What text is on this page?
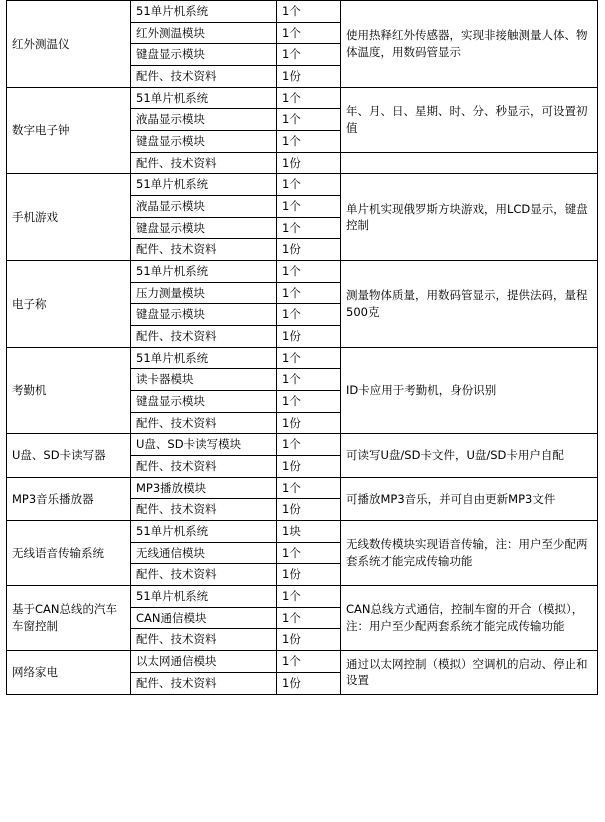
红外测温仪	51单片机系统	1个	使用热释红外传感器，实现非接触测量人体、物体温度，用数码管显示
	红外测温模块	1个	
	键盘显示模块	1个	
	配件、技术资料	1份	
数字电子钟	51单片机系统	1个	年、月、日、星期、时、分、秒显示，可设置初值
	液晶显示模块	1个	
	键盘显示模块	1个	
	配件、技术资料	1份	
手机游戏	51单片机系统	1个	单片机实现俄罗斯方块游戏，用LCD显示，键盘控制
	液晶显示模块	1个	
	键盘显示模块	1个	
	配件、技术资料	1份	
电子称	51单片机系统	1个	测量物体质量，用数码管显示，提供法码，量程500克
	压力测量模块	1个	
	键盘显示模块	1个	
	配件、技术资料	1份	
考勤机	51单片机系统	1个	ID卡应用于考勤机，身份识别
	读卡器模块	1个	
	键盘显示模块	1个	
	配件、技术资料	1份	
U盘、SD卡读写器	U盘、SD卡读写模块	1个	可读写U盘/SD卡文件，U盘/SD卡用户自配
	配件、技术资料	1份	
MP3音乐播放器	MP3播放模块	1个	可播放MP3音乐，并可自由更新MP3文件
	配件、技术资料	1份	
无线语音传输系统	51单片机系统	1块	无线数传模块实现语音传输，注：用户至少配两套系统才能完成传输功能
	无线通信模块	1个	
	配件、技术资料	1份	
基于CAN总线的汽车车窗控制	51单片机系统	1个	CAN总线方式通信，控制车窗的开合（模拟），注：用户至少配两套系统才能完成传输功能
	CAN通信模块	1个	
	配件、技术资料	1份	
网络家电	以太网通信模块	1个	通过以太网控制（模拟）空调机的启动、停止和设置
	配件、技术资料	1份	
